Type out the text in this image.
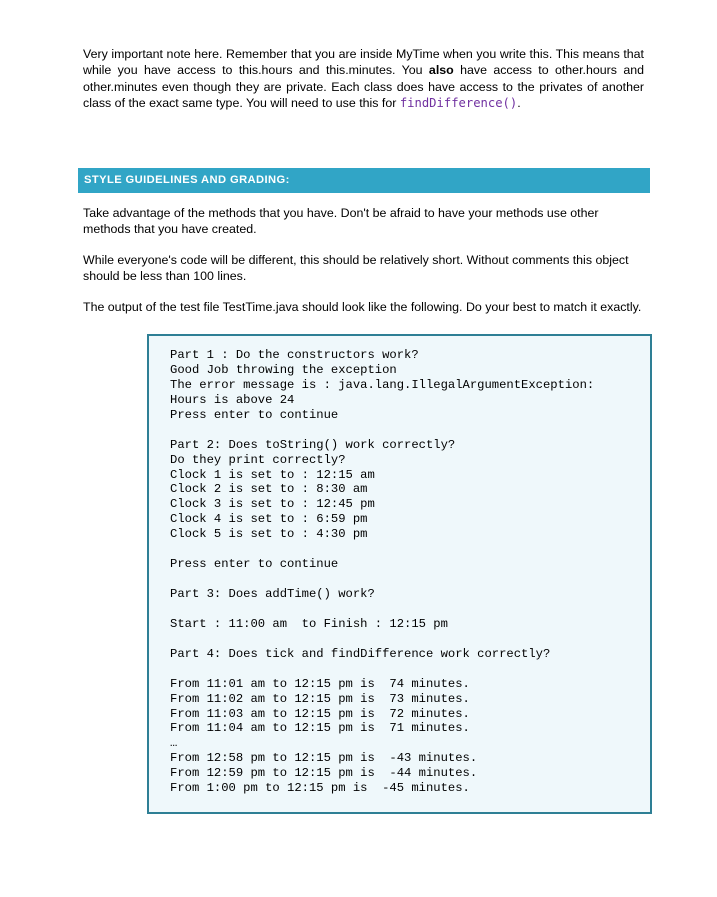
Very important note here. Remember that you are inside MyTime when you write this. This means that while you have access to this.hours and this.minutes. You also have access to other.hours and other.minutes even though they are private. Each class does have access to the privates of another class of the exact same type. You will need to use this for findDifference().

STYLE GUIDELINES AND GRADING:

Take advantage of the methods that you have. Don't be afraid to have your methods use other methods that you have created.

While everyone's code will be different, this should be relatively short. Without comments this object should be less than 100 lines.

The output of the test file TestTime.java should look like the following. Do your best to match it exactly.

Part 1 : Do the constructors work?
Good Job throwing the exception
The error message is : java.lang.IllegalArgumentException:
Hours is above 24
Press enter to continue
Part 2: Does toString() work correctly?
Do they print correctly?
Clock 1 is set to : 12:15 am
Clock 2 is set to : 8:30 am
Clock 3 is set to : 12:45 pm
Clock 4 is set to : 6:59 pm
Clock 5 is set to : 4:30 pm
Press enter to continue
Part 3: Does addTime() work?
Start : 11:00 am  to Finish : 12:15 pm
Part 4: Does tick and findDifference work correctly?
From 11:01 am to 12:15 pm is  74 minutes.
From 11:02 am to 12:15 pm is  73 minutes.
From 11:03 am to 12:15 pm is  72 minutes.
From 11:04 am to 12:15 pm is  71 minutes.
…
From 12:58 pm to 12:15 pm is  -43 minutes.
From 12:59 pm to 12:15 pm is  -44 minutes.
From 1:00 pm to 12:15 pm is  -45 minutes.
